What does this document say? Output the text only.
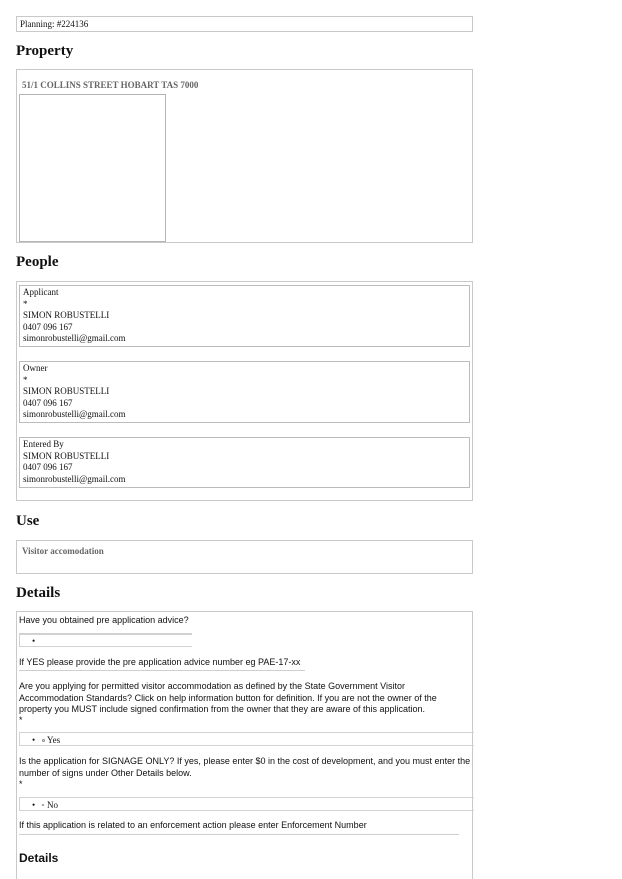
Planning: #224136
Property
51/1 COLLINS STREET HOBART TAS 7000
People
Applicant
*
SIMON ROBUSTELLI
0407 096 167
simonrobustelli@gmail.com
Owner
*
SIMON ROBUSTELLI
0407 096 167
simonrobustelli@gmail.com
Entered By
SIMON ROBUSTELLI
0407 096 167
simonrobustelli@gmail.com
Use
Visitor accomodation
Details
Have you obtained pre application advice?
•
If YES please provide the pre application advice number eg PAE-17-xx
Are you applying for permitted visitor accommodation as defined by the State Government Visitor Accommodation Standards? Click on help information button for definition. If you are not the owner of the property you MUST include signed confirmation from the owner that they are aware of this application.
*
• Yes
Is the application for SIGNAGE ONLY? If yes, please enter $0 in the cost of development, and you must enter the number of signs under Other Details below.
*
• No
If this application is related to an enforcement action please enter Enforcement Number
Details
